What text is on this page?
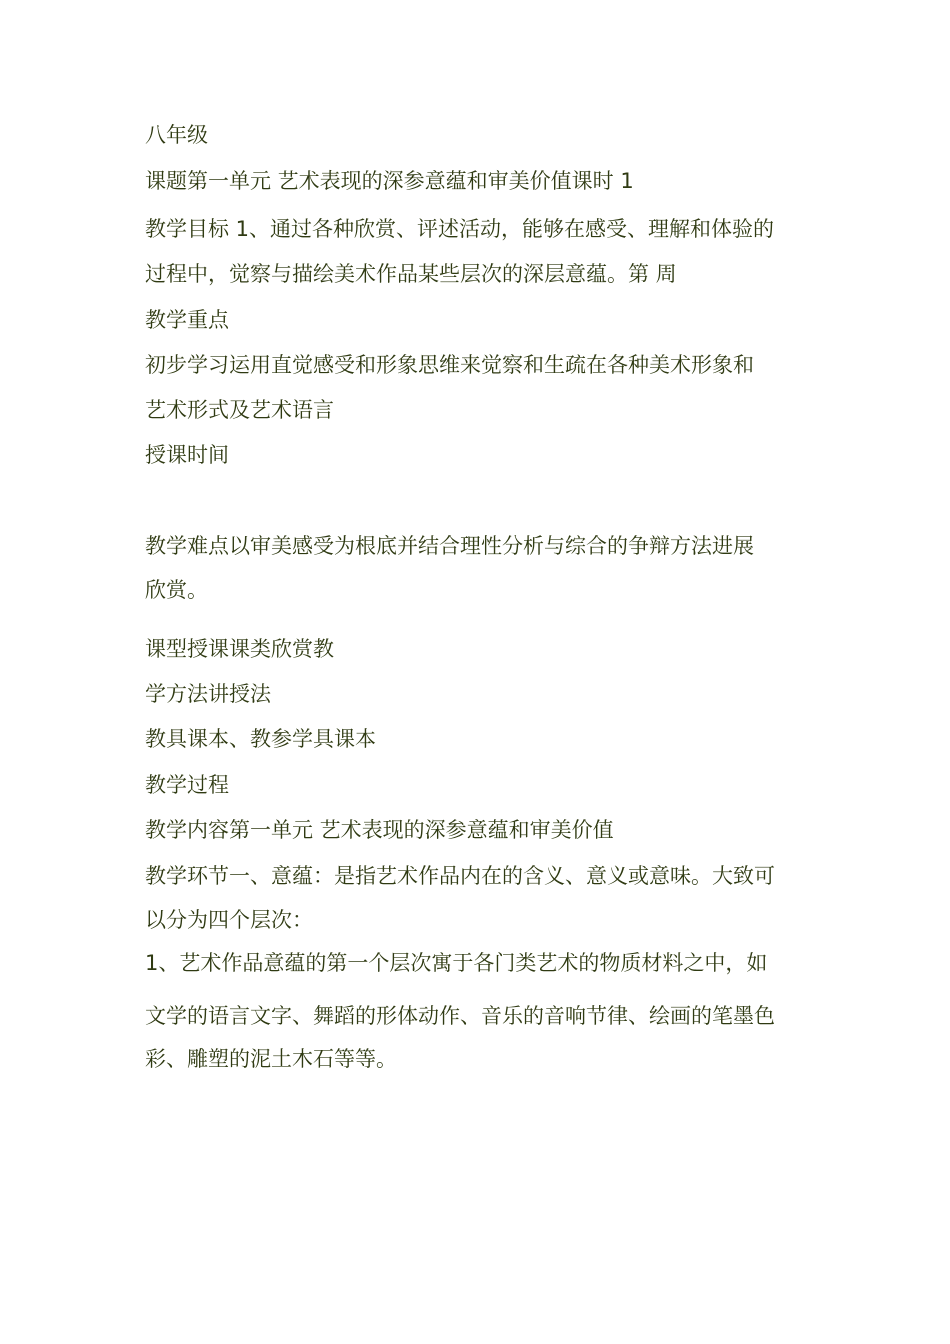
八年级
课题第一单元 艺术表现的深参意蕴和审美价值课时 1
教学目标 1、通过各种欣赏、评述活动，能够在感受、理解和体验的
过程中，觉察与描绘美术作品某些层次的深层意蕴。第 周
教学重点
初步学习运用直觉感受和形象思维来觉察和生疏在各种美术形象和
艺术形式及艺术语言
授课时间
教学难点以审美感受为根底并结合理性分析与综合的争辩方法进展
欣赏。
课型授课课类欣赏教
学方法讲授法
教具课本、教参学具课本
教学过程
教学内容第一单元 艺术表现的深参意蕴和审美价值
教学环节一、意蕴：是指艺术作品内在的含义、意义或意味。大致可
以分为四个层次：
1、艺术作品意蕴的第一个层次寓于各门类艺术的物质材料之中，如
文学的语言文字、舞蹈的形体动作、音乐的音响节律、绘画的笔墨色
彩、雕塑的泥土木石等等。
